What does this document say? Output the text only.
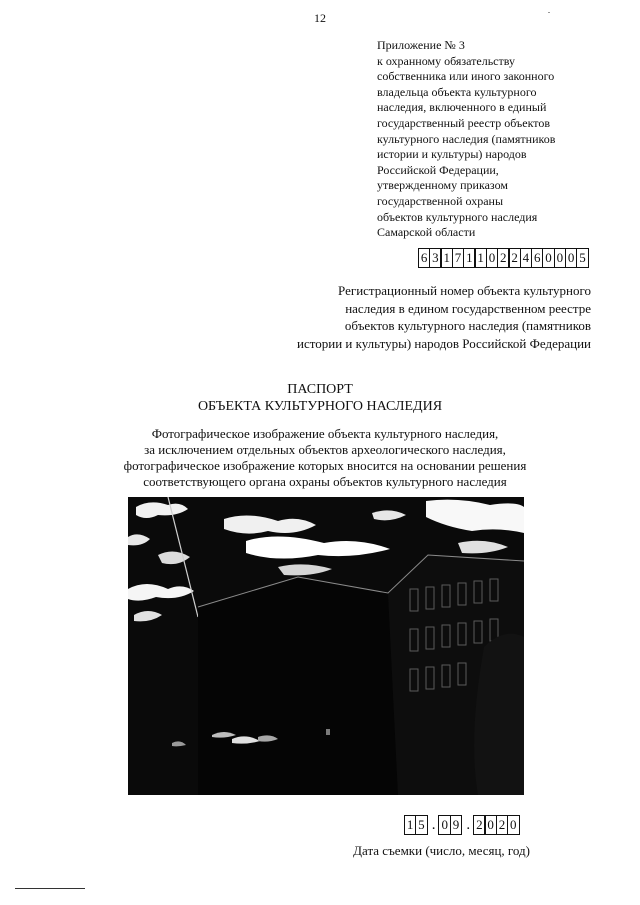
12
Приложение № 3
к охранному обязательству
собственника или иного законного
владельца объекта культурного
наследия, включенного в единый
государственный реестр объектов
культурного наследия (памятников
истории и культуры) народов
Российской Федерации,
утвержденному приказом
государственной охраны
объектов культурного наследия
Самарской области
6 3 1 7 1 1 0 2 2 4 6 0 0 0 5
Регистрационный номер объекта культурного
наследия в едином государственном реестре
объектов культурного наследия (памятников
истории и культуры) народов Российской Федерации
ПАСПОРТ
ОБЪЕКТА КУЛЬТУРНОГО НАСЛЕДИЯ
Фотографическое изображение объекта культурного наследия,
за исключением отдельных объектов археологического наследия,
фотографическое изображение которых вносится на основании решения
соответствующего органа охраны объектов культурного наследия
1 5 . 0 9 . 2 0 2 0
Дата съемки (число, месяц, год)
